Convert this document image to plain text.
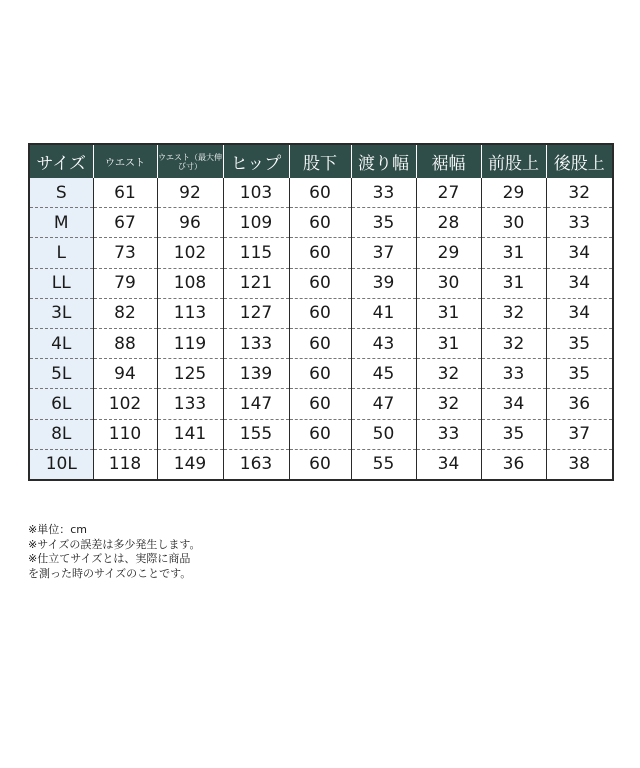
サイズ	ウエスト	ウエスト（最大伸び寸）	ヒップ	股下	渡り幅	裾幅	前股上	後股上
S	61	92	103	60	33	27	29	32
M	67	96	109	60	35	28	30	33
L	73	102	115	60	37	29	31	34
LL	79	108	121	60	39	30	31	34
3L	82	113	127	60	41	31	32	34
4L	88	119	133	60	43	31	32	35
5L	94	125	139	60	45	32	33	35
6L	102	133	147	60	47	32	34	36
8L	110	141	155	60	50	33	35	37
10L	118	149	163	60	55	34	36	38
※単位：cm
※サイズの誤差は多少発生します。
※仕立てサイズとは、実際に商品
を測った時のサイズのことです。
